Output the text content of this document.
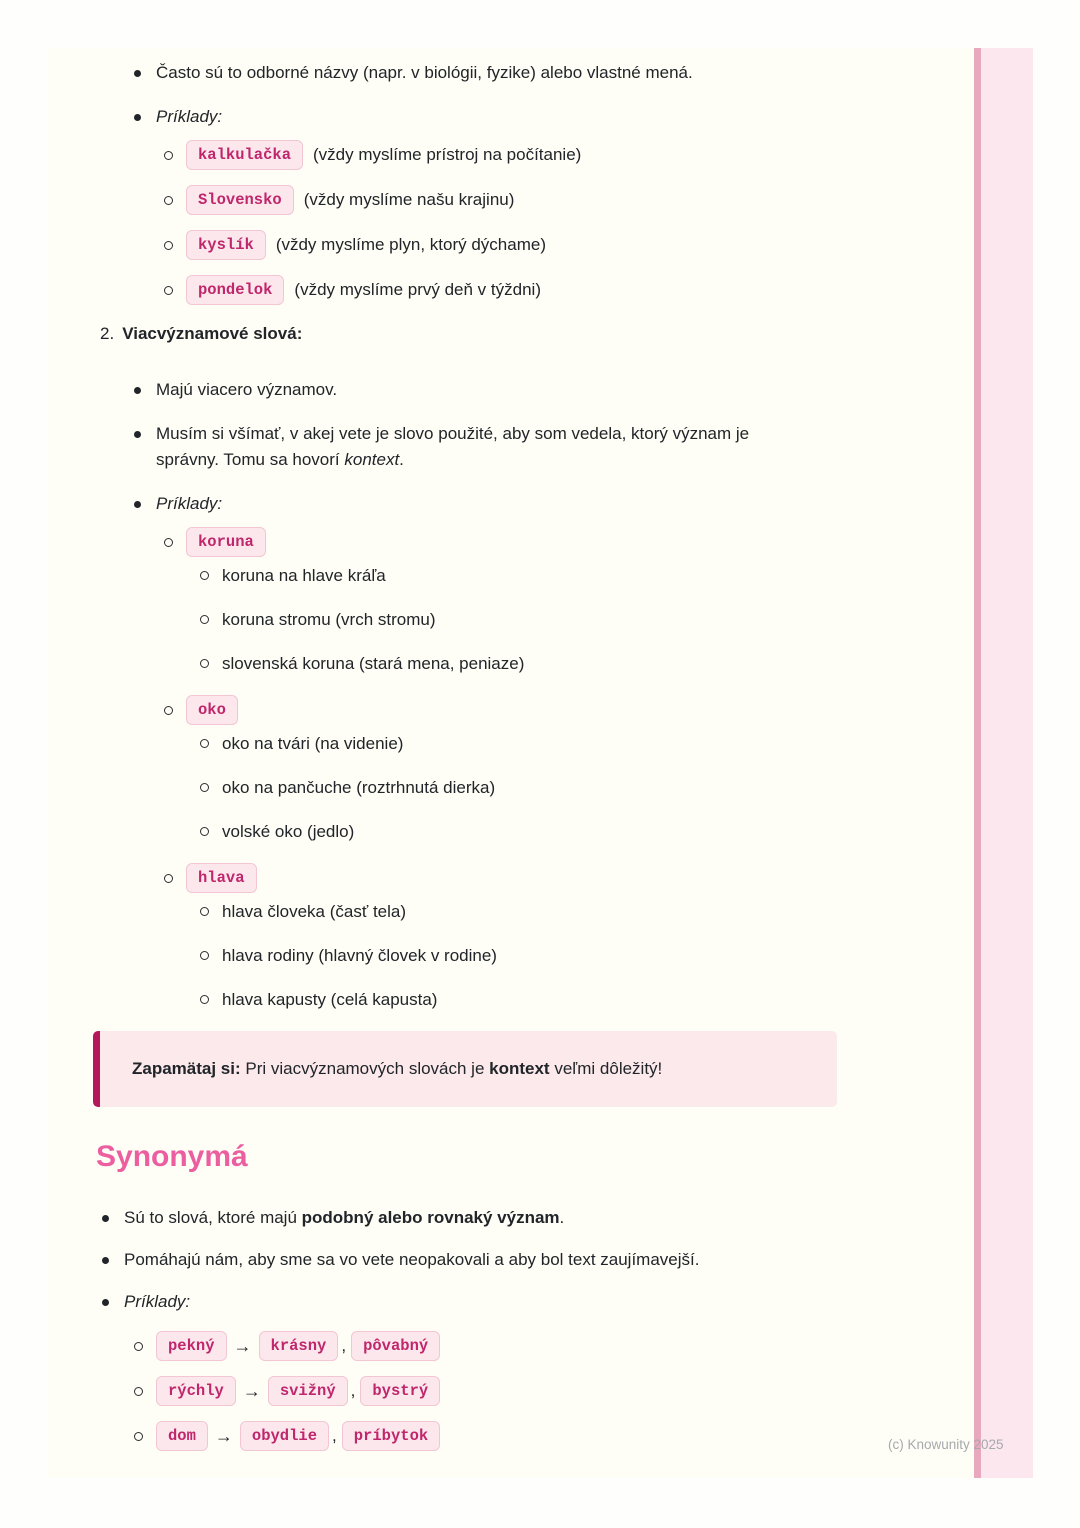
Často sú to odborné názvy (napr. v biológii, fyzike) alebo vlastné mená.

Príklady:

kalkulačka	(vždy myslíme prístroj na počítanie)
Slovensko	(vždy myslíme našu krajinu)
kyslík	(vždy myslíme plyn, ktorý dýchame)
pondelok	(vždy myslíme prvý deň v týždni)
2. Viacvýznamové slová:

Majú viacero významov.

Musím si všímať, v akej vete je slovo použité, aby som vedela, ktorý význam je správny. Tomu sa hovorí kontext.

Príklady:

koruna

koruna na hlave kráľa

koruna stromu (vrch stromu)

slovenská koruna (stará mena, peniaze)

oko

oko na tvári (na videnie)

oko na pančuche (roztrhnutá dierka)

volské oko (jedlo)

hlava

hlava človeka (časť tela)

hlava rodiny (hlavný človek v rodine)

hlava kapusty (celá kapusta)

Zapamätaj si: Pri viacvýznamových slovách je kontext veľmi dôležitý!

Synonymá

Sú to slová, ktoré majú podobný alebo rovnaký význam.

Pomáhajú nám, aby sme sa vo vete neopakovali a aby bol text zaujímavejší.

Príklady:

pekný	→	krásny ,	pôvabný
rýchly	→	svižný ,	bystrý
dom	→	obydlie ,	príbytok	(c) Knowunity 2025
